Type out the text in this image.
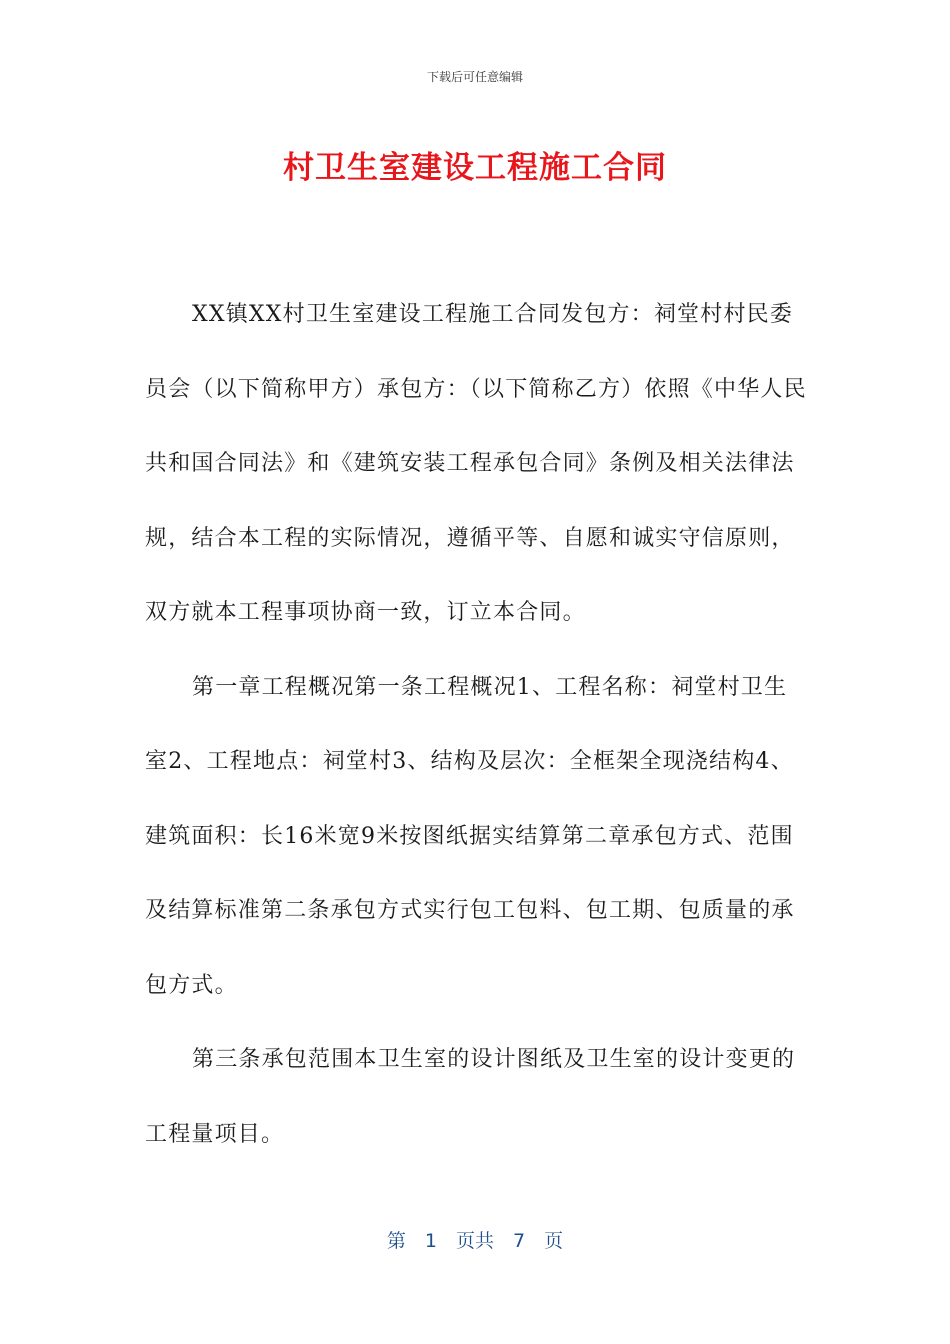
下载后可任意编辑
村卫生室建设工程施工合同

XX镇XX村卫生室建设工程施工合同发包方：祠堂村村民委员会（以下简称甲方）承包方：（以下简称乙方）依照《中华人民共和国合同法》和《建筑安装工程承包合同》条例及相关法律法规，结合本工程的实际情况，遵循平等、自愿和诚实守信原则，双方就本工程事项协商一致，订立本合同。

第一章工程概况第一条工程概况1、工程名称：祠堂村卫生室2、工程地点：祠堂村3、结构及层次：全框架全现浇结构4、建筑面积：长16米宽9米按图纸据实结算第二章承包方式、范围及结算标准第二条承包方式实行包工包料、包工期、包质量的承包方式。

第三条承包范围本卫生室的设计图纸及卫生室的设计变更的工程量项目。

第　1　页共　7　页
